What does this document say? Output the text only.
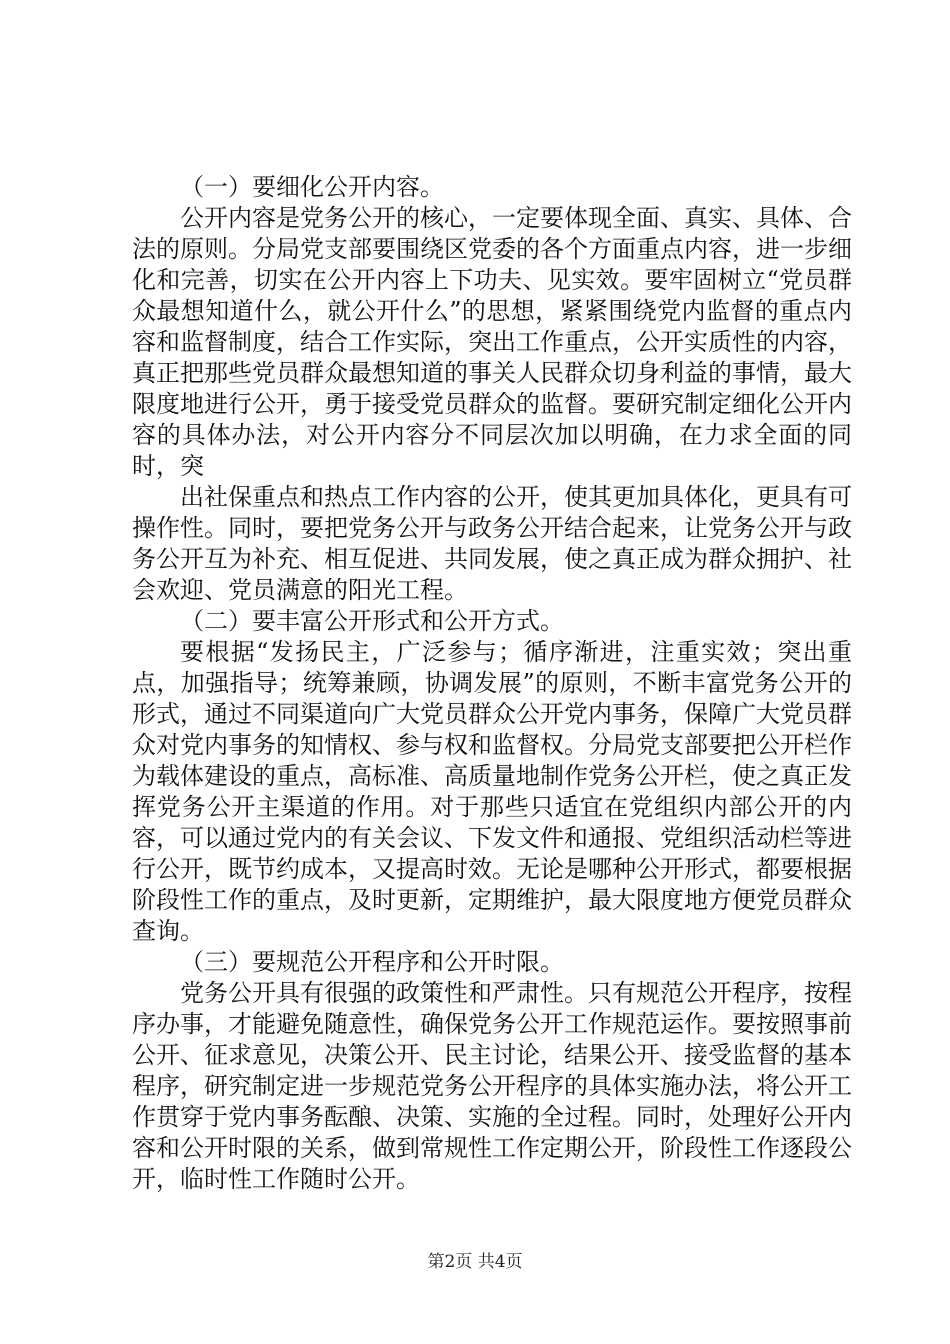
（一）要细化公开内容。

公开内容是党务公开的核心，一定要体现全面、真实、具体、合法的原则。分局党支部要围绕区党委的各个方面重点内容，进一步细化和完善，切实在公开内容上下功夫、见实效。要牢固树立“党员群众最想知道什么，就公开什么”的思想，紧紧围绕党内监督的重点内容和监督制度，结合工作实际，突出工作重点，公开实质性的内容，真正把那些党员群众最想知道的事关人民群众切身利益的事情，最大限度地进行公开，勇于接受党员群众的监督。要研究制定细化公开内容的具体办法，对公开内容分不同层次加以明确，在力求全面的同时，突

出社保重点和热点工作内容的公开，使其更加具体化，更具有可操作性。同时，要把党务公开与政务公开结合起来，让党务公开与政务公开互为补充、相互促进、共同发展，使之真正成为群众拥护、社会欢迎、党员满意的阳光工程。

（二）要丰富公开形式和公开方式。

要根据“发扬民主，广泛参与；循序渐进，注重实效；突出重点，加强指导；统筹兼顾，协调发展”的原则，不断丰富党务公开的形式，通过不同渠道向广大党员群众公开党内事务，保障广大党员群众对党内事务的知情权、参与权和监督权。分局党支部要把公开栏作为载体建设的重点，高标准、高质量地制作党务公开栏，使之真正发挥党务公开主渠道的作用。对于那些只适宜在党组织内部公开的内容，可以通过党内的有关会议、下发文件和通报、党组织活动栏等进行公开，既节约成本，又提高时效。无论是哪种公开形式，都要根据阶段性工作的重点，及时更新，定期维护，最大限度地方便党员群众查询。

（三）要规范公开程序和公开时限。

党务公开具有很强的政策性和严肃性。只有规范公开程序，按程序办事，才能避免随意性，确保党务公开工作规范运作。要按照事前公开、征求意见，决策公开、民主讨论，结果公开、接受监督的基本程序，研究制定进一步规范党务公开程序的具体实施办法，将公开工作贯穿于党内事务酝酿、决策、实施的全过程。同时，处理好公开内容和公开时限的关系，做到常规性工作定期公开，阶段性工作逐段公开，临时性工作随时公开。

第2页 共4页
